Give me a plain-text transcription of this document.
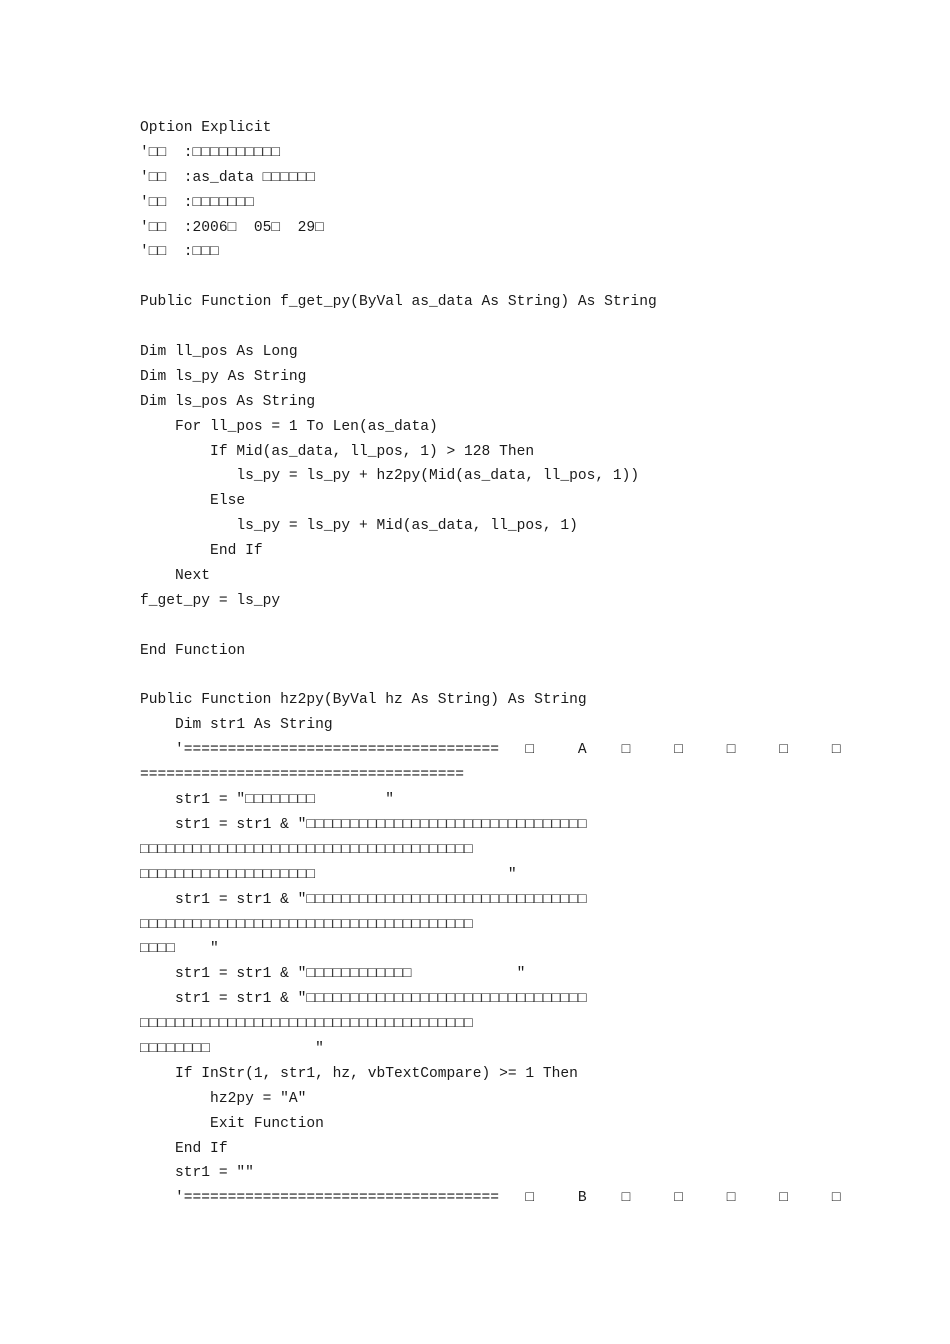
Option Explicit
'□□  :□□□□□□□□□□
'□□  :as_data □□□□□□
'□□  :□□□□□□□
'□□  :2006□  05□  29□
'□□  :□□□
Public Function f_get_py(ByVal as_data As String) As String
Dim ll_pos As Long
Dim ls_py As String
Dim ls_pos As String
For ll_pos = 1 To Len(as_data)
If Mid(as_data, ll_pos, 1) > 128 Then
ls_py = ls_py + hz2py(Mid(as_data, ll_pos, 1))
Else
ls_py = ls_py + Mid(as_data, ll_pos, 1)
End If
Next
f_get_py = ls_py
End Function
Public Function hz2py(ByVal hz As String) As String
Dim str1 As String
'====================================   □     A    □     □     □     □     □
=====================================
str1 = "□□□□□□□□        "
str1 = str1 & "□□□□□□□□□□□□□□□□□□□□□□□□□□□□□□□□
□□□□□□□□□□□□□□□□□□□□□□□□□□□□□□□□□□□□□□
□□□□□□□□□□□□□□□□□□□□                      "
str1 = str1 & "□□□□□□□□□□□□□□□□□□□□□□□□□□□□□□□□
□□□□□□□□□□□□□□□□□□□□□□□□□□□□□□□□□□□□□□
□□□□    "
str1 = str1 & "□□□□□□□□□□□□            "
str1 = str1 & "□□□□□□□□□□□□□□□□□□□□□□□□□□□□□□□□
□□□□□□□□□□□□□□□□□□□□□□□□□□□□□□□□□□□□□□
□□□□□□□□            "
If InStr(1, str1, hz, vbTextCompare) >= 1 Then
hz2py = "A"
Exit Function
End If
str1 = ""
'====================================   □     B    □     □     □     □     □
